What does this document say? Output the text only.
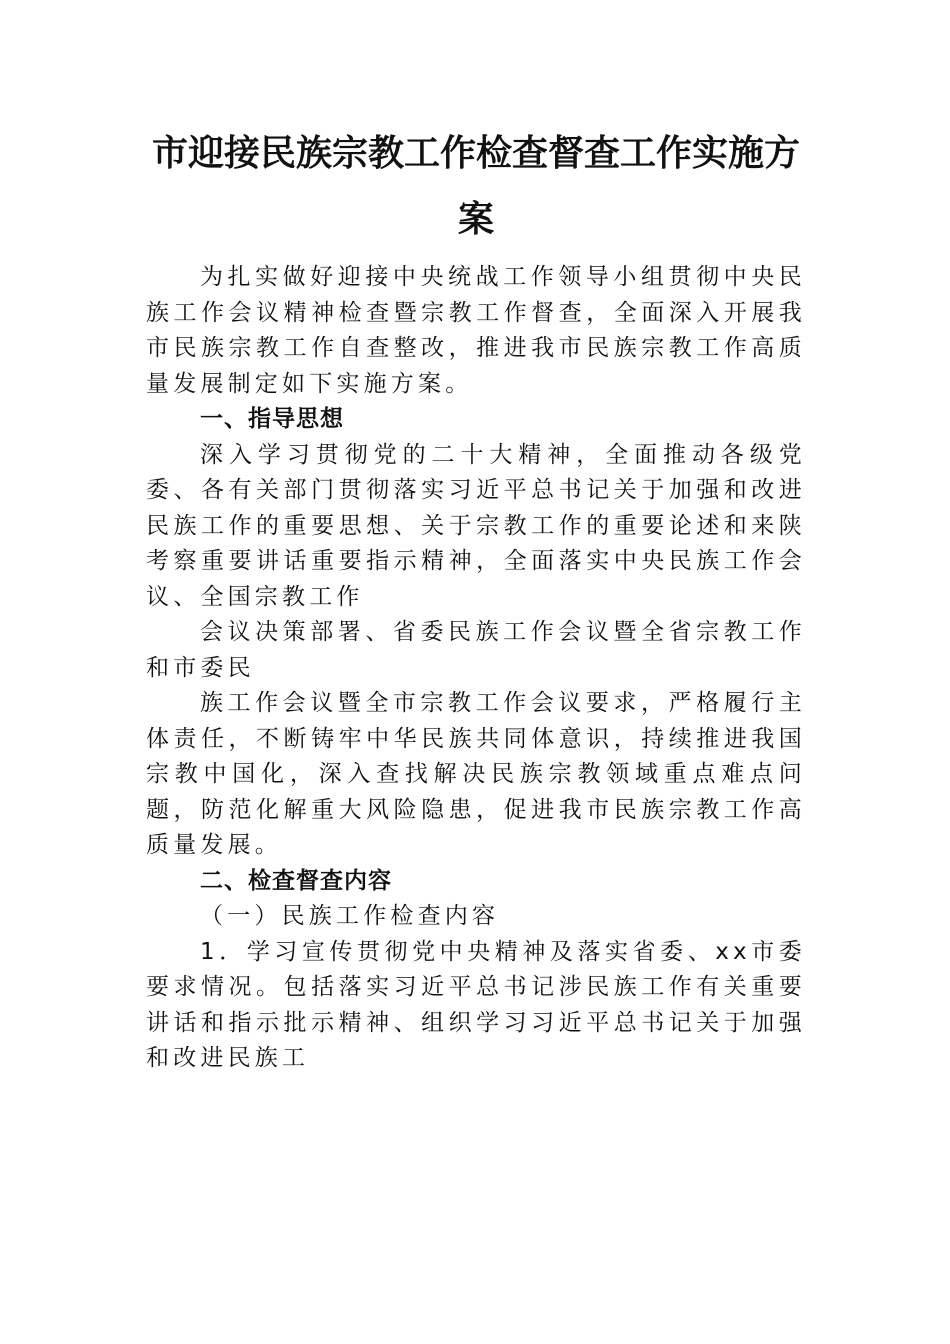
市迎接民族宗教工作检查督查工作实施方
案

为扎实做好迎接中央统战工作领导小组贯彻中央民族工作会议精神检查暨宗教工作督查，全面深入开展我市民族宗教工作自查整改，推进我市民族宗教工作高质量发展制定如下实施方案。

一、指导思想

深入学习贯彻党的二十大精神，全面推动各级党委、各有关部门贯彻落实习近平总书记关于加强和改进民族工作的重要思想、关于宗教工作的重要论述和来陕考察重要讲话重要指示精神，全面落实中央民族工作会议、全国宗教工作

会议决策部署、省委民族工作会议暨全省宗教工作和市委民

族工作会议暨全市宗教工作会议要求，严格履行主体责任，不断铸牢中华民族共同体意识，持续推进我国宗教中国化，深入查找解决民族宗教领域重点难点问题，防范化解重大风险隐患，促进我市民族宗教工作高质量发展。

二、检查督查内容

（一）民族工作检查内容

1．学习宣传贯彻党中央精神及落实省委、xx市委要求情况。包括落实习近平总书记涉民族工作有关重要讲话和指示批示精神、组织学习习近平总书记关于加强和改进民族工
